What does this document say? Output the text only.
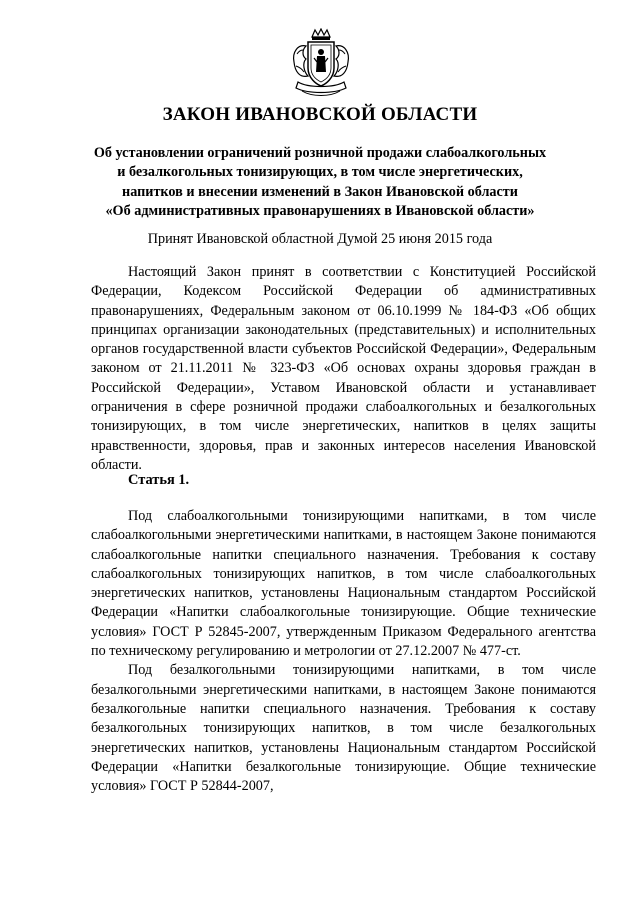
ЗАКОН ИВАНОВСКОЙ ОБЛАСТИ
Об установлении ограничений розничной продажи слабоалкогольных
и безалкогольных тонизирующих, в том числе энергетических,
напитков и внесении изменений в Закон Ивановской области
«Об административных правонарушениях в Ивановской области»
Принят Ивановской областной Думой 25 июня 2015 года

Настоящий Закон принят в соответствии с Конституцией Российской Федерации, Кодексом Российской Федерации об административных правонарушениях, Федеральным законом от 06.10.1999 № 184-ФЗ «Об общих принципах организации законодательных (представительных) и исполнительных органов государственной власти субъектов Российской Федерации», Федеральным законом от 21.11.2011 № 323-ФЗ «Об основах охраны здоровья граждан в Российской Федерации», Уставом Ивановской области и устанавливает ограничения в сфере розничной продажи слабоалкогольных и безалкогольных тонизирующих, в том числе энергетических, напитков в целях защиты нравственности, здоровья, прав и законных интересов населения Ивановской области.

Статья 1.

Под слабоалкогольными тонизирующими напитками, в том числе слабоалкогольными энергетическими напитками, в настоящем Законе понимаются слабоалкогольные напитки специального назначения. Требования к составу слабоалкогольных тонизирующих напитков, в том числе слабоалкогольных энергетических напитков, установлены Национальным стандартом Российской Федерации «Напитки слабоалкогольные тонизирующие. Общие технические условия» ГОСТ Р 52845-2007, утвержденным Приказом Федерального агентства по техническому регулированию и метрологии от 27.12.2007 № 477-ст.

Под безалкогольными тонизирующими напитками, в том числе безалкогольными энергетическими напитками, в настоящем Законе понимаются безалкогольные напитки специального назначения. Требования к составу безалкогольных тонизирующих напитков, в том числе безалкогольных энергетических напитков, установлены Национальным стандартом Российской Федерации «Напитки безалкогольные тонизирующие. Общие технические условия» ГОСТ Р 52844-2007,
